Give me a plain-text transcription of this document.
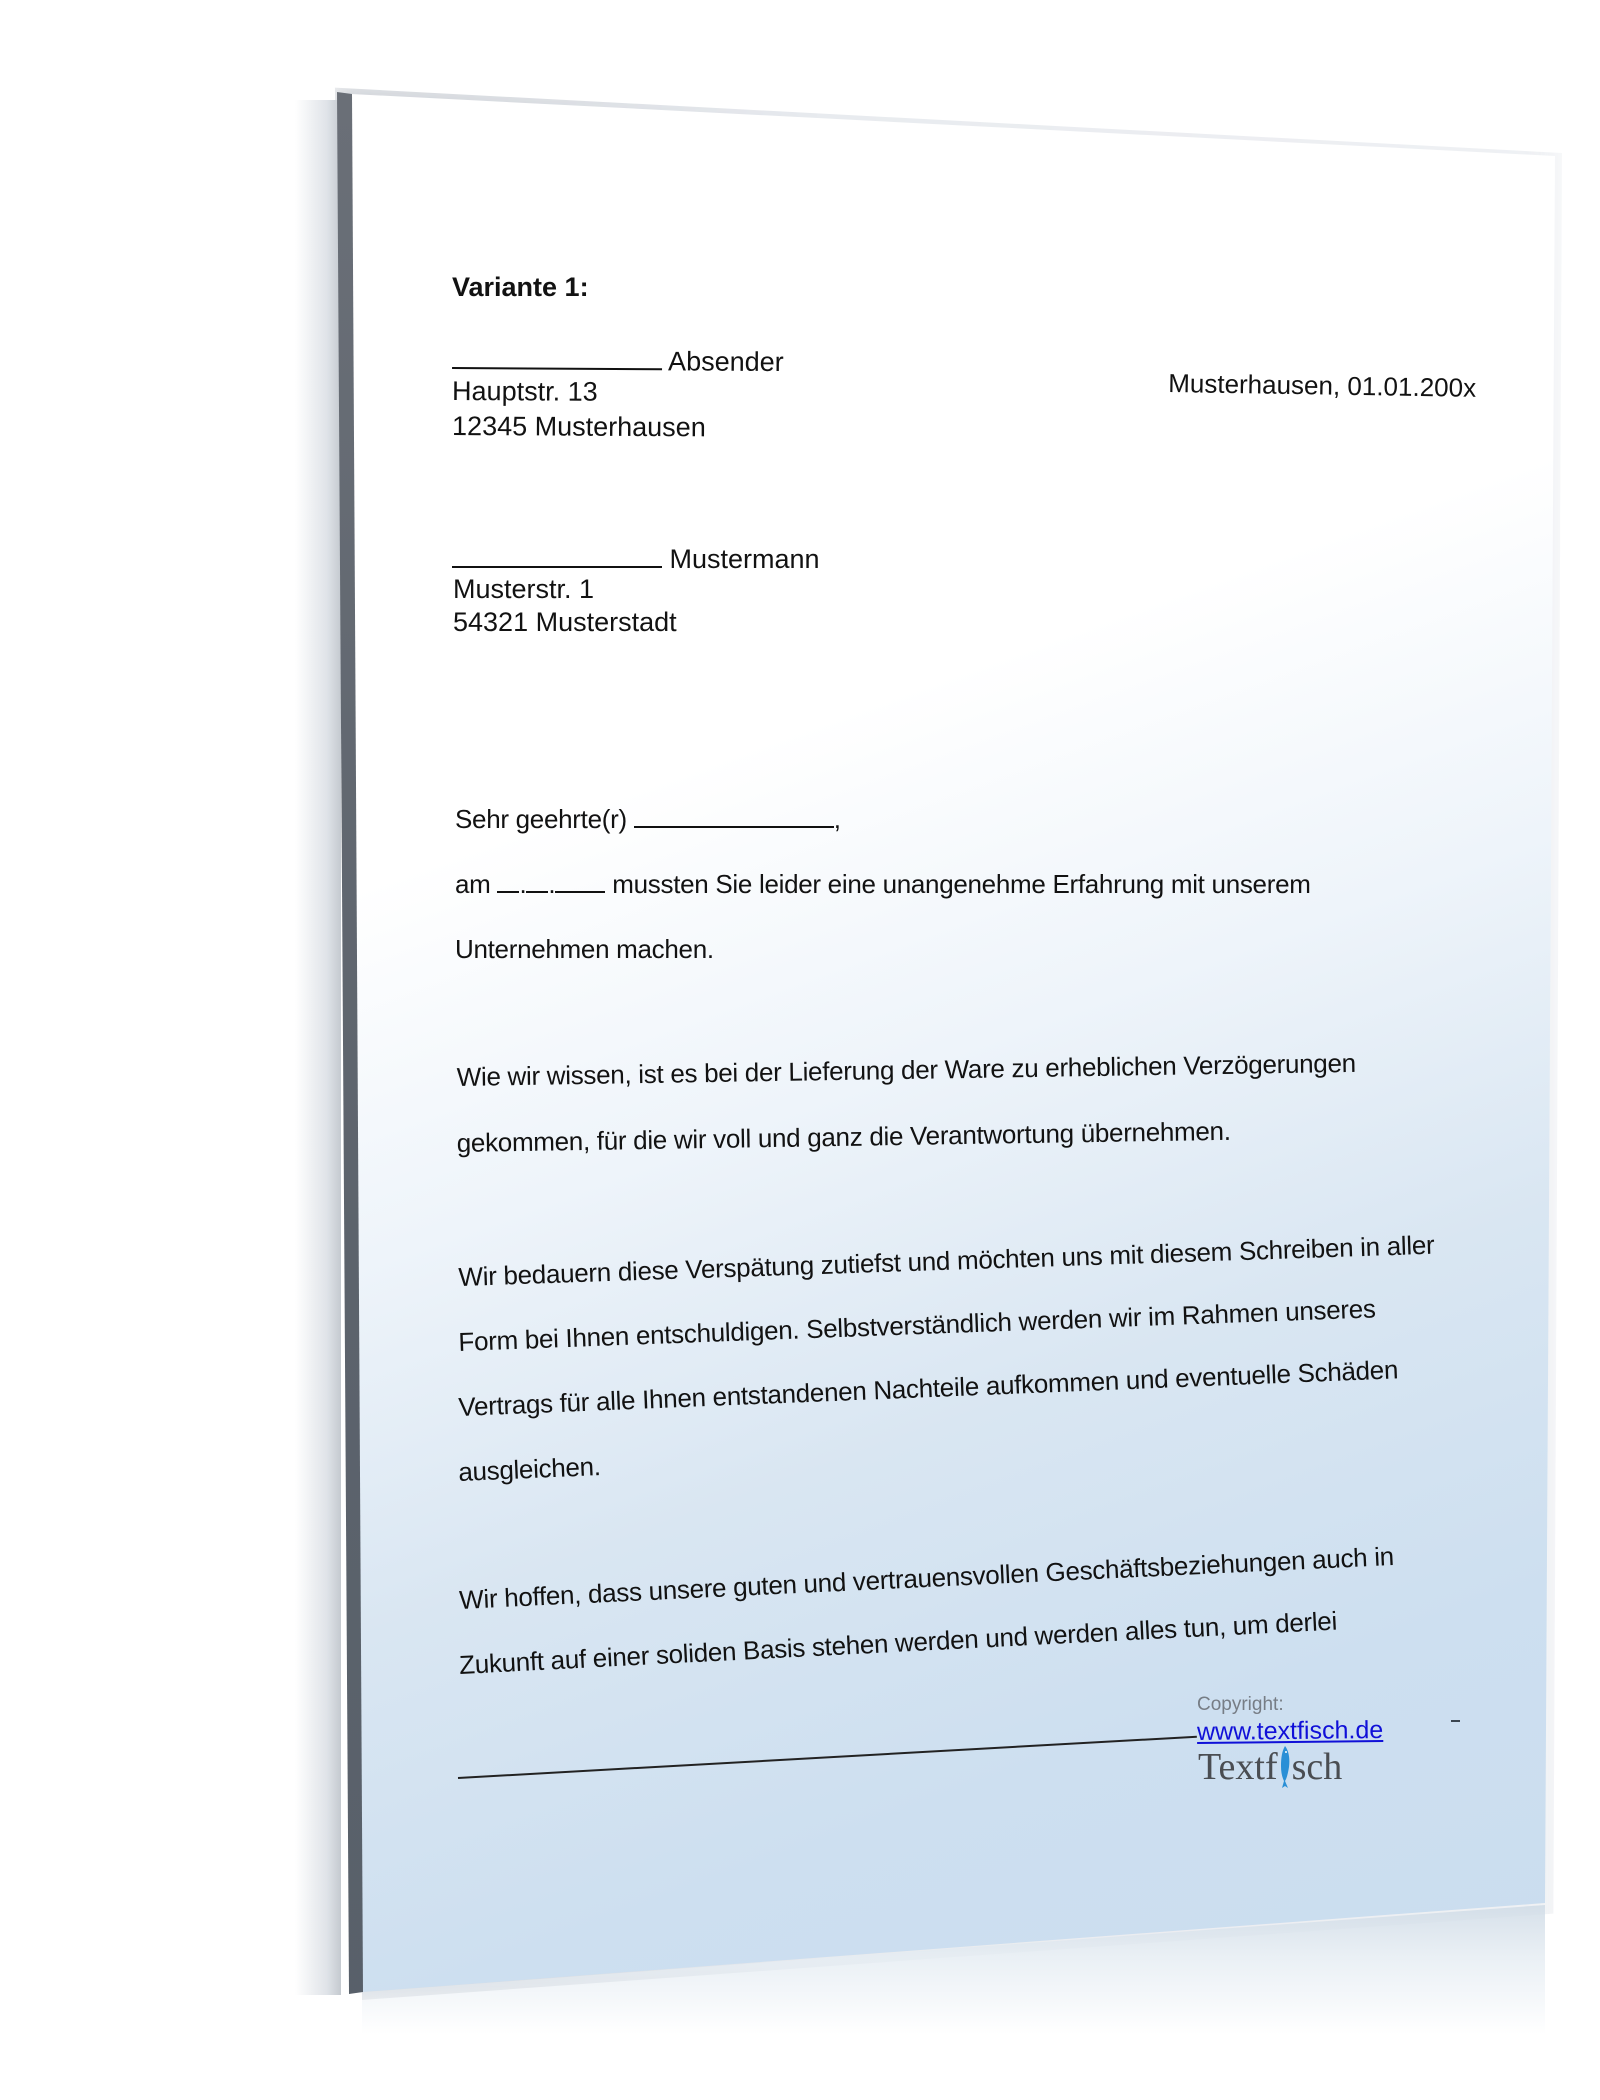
Variante 1:
Absender
Hauptstr. 13
12345 Musterhausen
Musterhausen, 01.01.200x
Mustermann
Musterstr. 1
54321 Musterstadt
Sehr geehrte(r)	,
am . . mussten Sie leider eine unangenehme Erfahrung mit unserem
Unternehmen machen.
Wie wir wissen, ist es bei der Lieferung der Ware zu erheblichen Verzögerungen
gekommen, für die wir voll und ganz die Verantwortung übernehmen.
Wir bedauern diese Verspätung zutiefst und möchten uns mit diesem Schreiben in aller
Form bei Ihnen entschuldigen. Selbstverständlich werden wir im Rahmen unseres
Vertrags für alle Ihnen entstandenen Nachteile aufkommen und eventuelle Schäden
ausgleichen.
Wir hoffen, dass unsere guten und vertrauensvollen Geschäftsbeziehungen auch in
Zukunft auf einer soliden Basis stehen werden und werden alles tun, um derlei
Copyright:
www.textfisch.de
Textf sch
